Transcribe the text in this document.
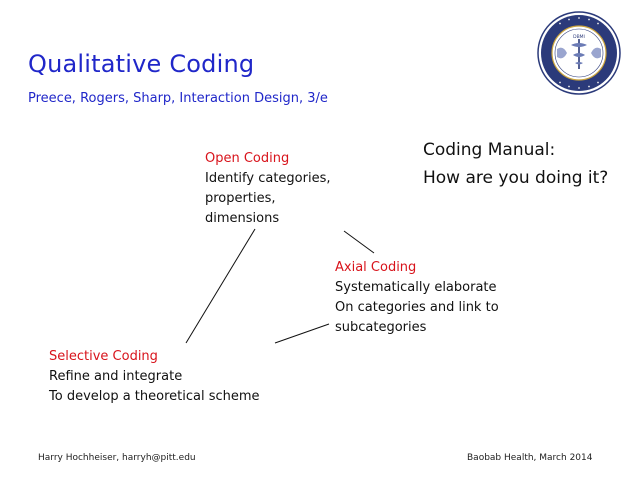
Qualitative Coding
Preece, Rogers, Sharp, Interaction Design, 3/e
DBMI
Open Coding
Identify categories,
properties,
dimensions
Coding Manual:
How are you doing it?
Axial Coding
Systematically elaborate
On categories and link to
subcategories
Selective Coding
Refine and integrate
To develop a theoretical scheme
Harry Hochheiser, harryh@pitt.edu	Baobab Health, March 2014
